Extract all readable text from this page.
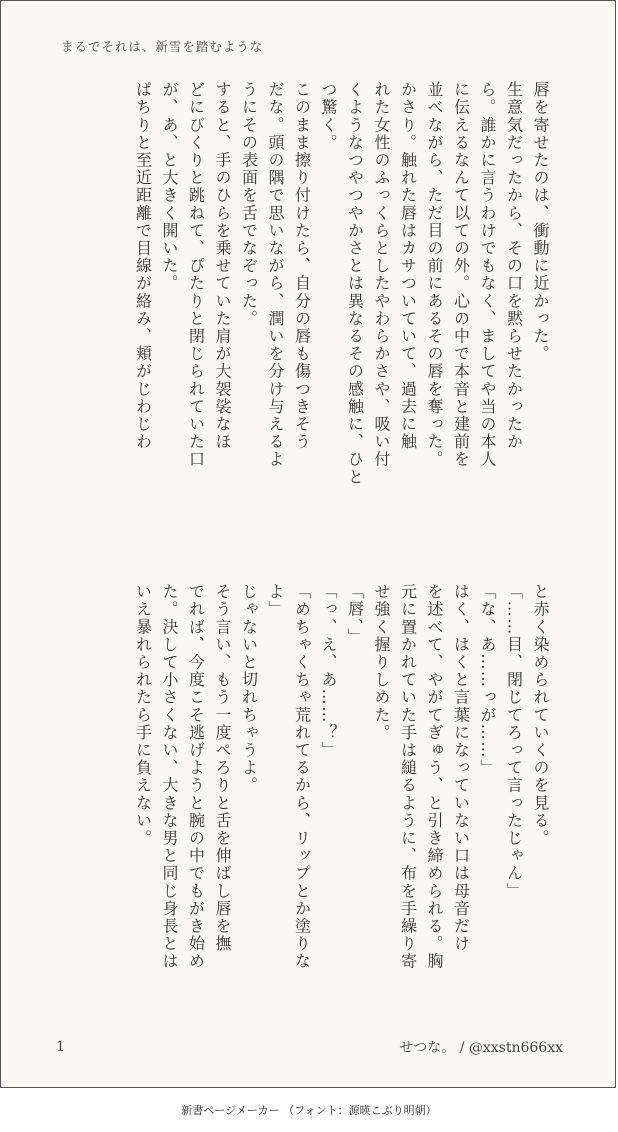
まるでそれは、新雪を踏むような
唇を寄せたのは、衝動に近かった。
生意気だったから、その口を黙らせたかったか
ら。誰かに言うわけでもなく、ましてや当の本人
に伝えるなんて以ての外。心の中で本音と建前を
並べながら、ただ目の前にあるその唇を奪った。
かさり。触れた唇はカサついていて、過去に触
れた女性のふっくらとしたやわらかさや、吸い付
くようなつやつやかさとは異なるその感触に、ひと
つ驚く。
このまま擦り付けたら、自分の唇も傷つきそう
だな。頭の隅で思いながら、潤いを分け与えるよ
うにその表面を舌でなぞった。
すると、手のひらを乗せていた肩が大袈裟なほ
どにびくりと跳ねて、ぴたりと閉じられていた口
が、あ、と大きく開いた。
ぱちりと至近距離で目線が絡み、頬がじわじわ
と赤く染められていくのを見る。
「……目、閉じてろって言ったじゃん」
「な、あ……っが……」
はく、はくと言葉になっていない口は母音だけ
を述べて、やがてぎゅう、と引き締められる。胸
元に置かれていた手は縋るように、布を手繰り寄
せ強く握りしめた。
「唇、」
「っ、え、あ……？」
「めちゃくちゃ荒れてるから、リップとか塗りな
よ」
じゃないと切れちゃうよ。
そう言い、もう一度ぺろりと舌を伸ばし唇を撫
でれば、今度こそ逃げようと腕の中でもがき始め
た。決して小さくない、大きな男と同じ身長とは
いえ暴れられたら手に負えない。
1	せつな。 / @xxstn666xx
新書ページメーカー （フォント：源暎こぶり明朝）
